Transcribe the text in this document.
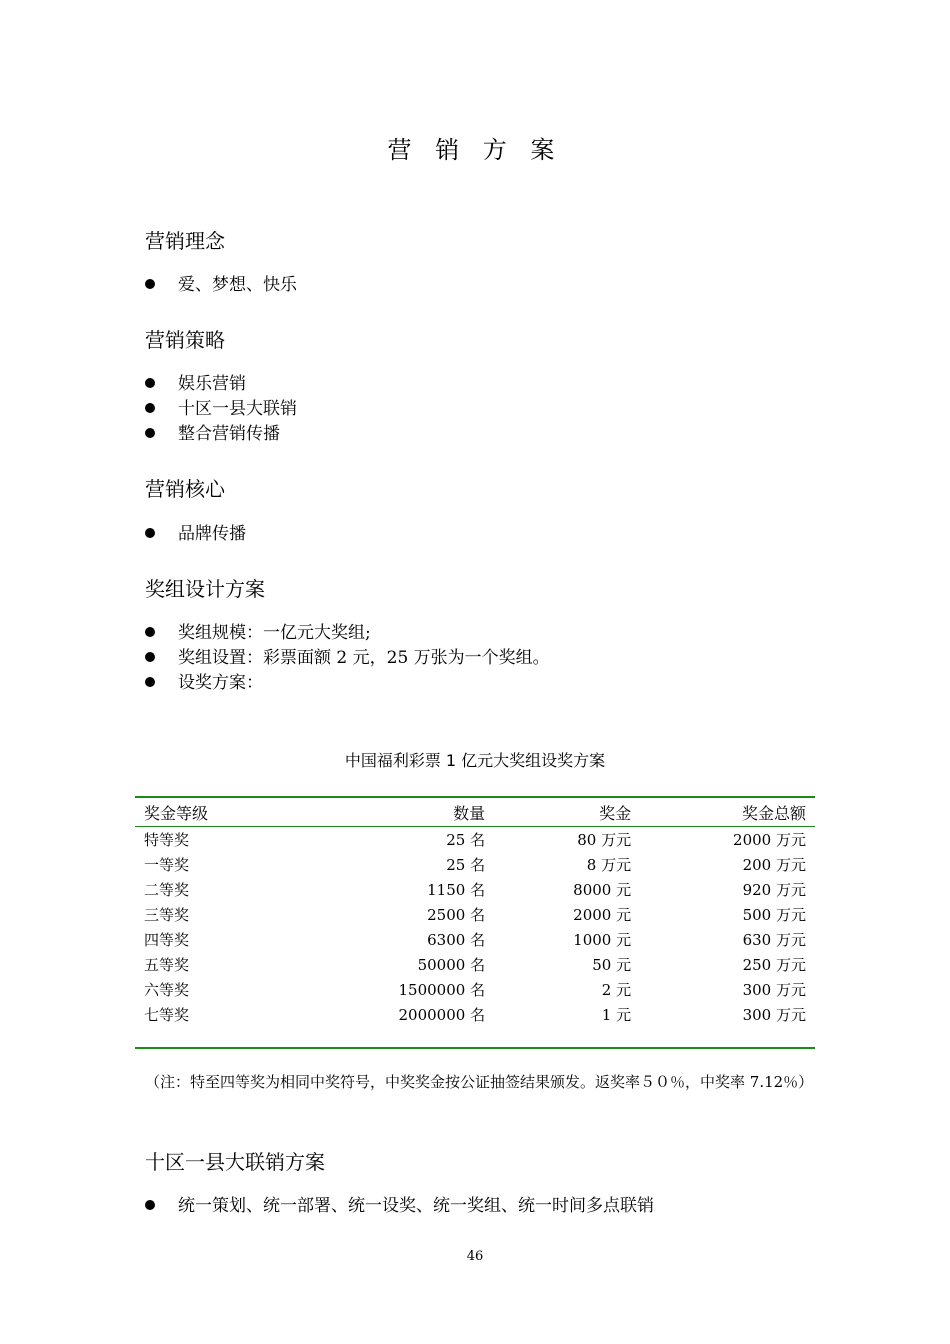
营 销 方 案
营销理念
爱、梦想、快乐
营销策略
娱乐营销
十区一县大联销
整合营销传播
营销核心
品牌传播
奖组设计方案
奖组规模：一亿元大奖组;
奖组设置：彩票面额 2 元，25 万张为一个奖组。
设奖方案：
中国福利彩票 1 亿元大奖组设奖方案
奖金等级	数量	奖金	奖金总额
特等奖	25 名	80 万元	2000 万元
一等奖	25 名	8 万元	200 万元
二等奖	1150 名	8000 元	920 万元
三等奖	2500 名	2000 元	500 万元
四等奖	6300 名	1000 元	630 万元
五等奖	50000 名	50 元	250 万元
六等奖	1500000 名	2 元	300 万元
七等奖	2000000 名	1 元	300 万元

（注：特至四等奖为相同中奖符号，中奖奖金按公证抽签结果颁发。返奖率５０％，中奖率 7.12％）
十区一县大联销方案
统一策划、统一部署、统一设奖、统一奖组、统一时间多点联销
46
